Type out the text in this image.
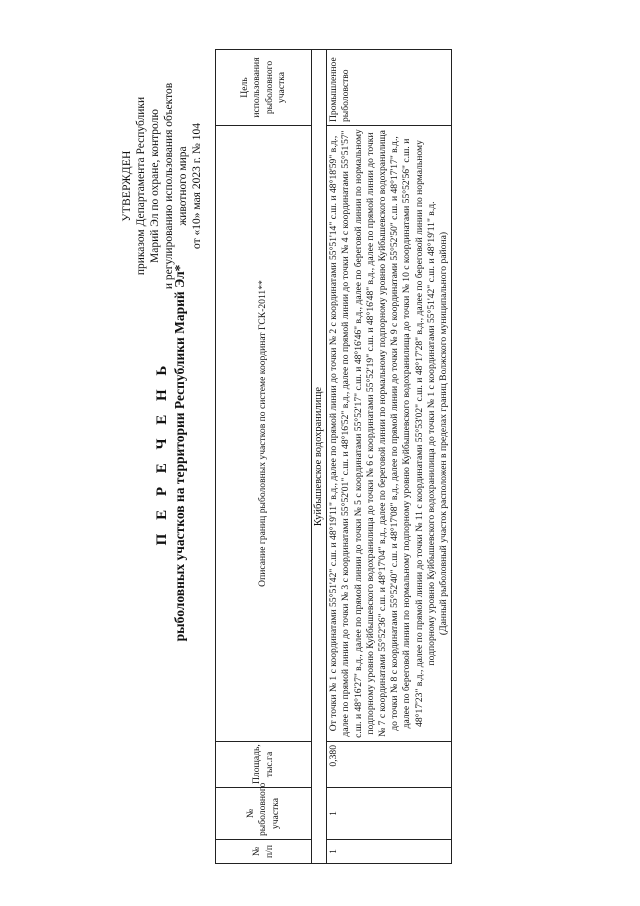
УТВЕРЖДЕН приказом Департамента Республики Марий Эл по охране, контролю и регулированию использования объектов животного мира от «10» мая 2023 г. № 104
П Е Р Е Ч Е Н Ь рыболовных участков на территории Республики Марий Эл*
№ п/п	№ рыболовного участка	Площадь, тыс.га	Описание границ рыболовных участков по системе координат ГСК-2011**	Цель использования рыболовного участка
Куйбышевское водохранилище				
1	1	0,380	От точки № 1 с координатами 55°51'42" с.ш. и 48°19'11" в.д., далее по прямой линии до точки № 2 с координатами 55°51'14" с.ш. и 48°18'59" в.д., далее по прямой линии до точки № 3 с координатами 55°52'01" с.ш. и 48°16'52" в.д., далее по прямой линии до точки № 4 с координатами 55°51'57" с.ш. и 48°16'27" в.д., далее по прямой линии до точки № 5 с координатами 55°52'17" с.ш. и 48°16'46" в.д., далее по береговой линии по нормальному подпорному уровню Куйбышевского водохранилища до точки № 6 с координатами 55°52'19" с.ш. и 48°16'48" в.д., далее по прямой линии до точки № 7 с координатами 55°52'36" с.ш. и 48°17'04" в.д., далее по береговой линии по нормальному подпорному уровню Куйбышевского водохранилища до точки № 8 с координатами 55°52'40" с.ш. и 48°17'08" в.д., далее по прямой линии до точки № 9 с координатами 55°52'50" с.ш. и 48°17'17" в.д., далее по береговой линии по нормальному подпорному уровню Куйбышевского водохранилища до точки № 10 с координатами 55°52'56" с.ш. и 48°17'23" в.д., далее по прямой линии до точки № 11 с координатами 55°53'02" с.ш. и 48°17'28" в.д., далее по береговой линии по нормальному подпорному уровню Куйбышевского водохранилища до точки № 1 с координатами 55°51'42" с.ш. и 48°19'11" в.д. (Данный рыболовный участок расположен в пределах границ Волжского муниципального района)	Промышленное рыболовство
